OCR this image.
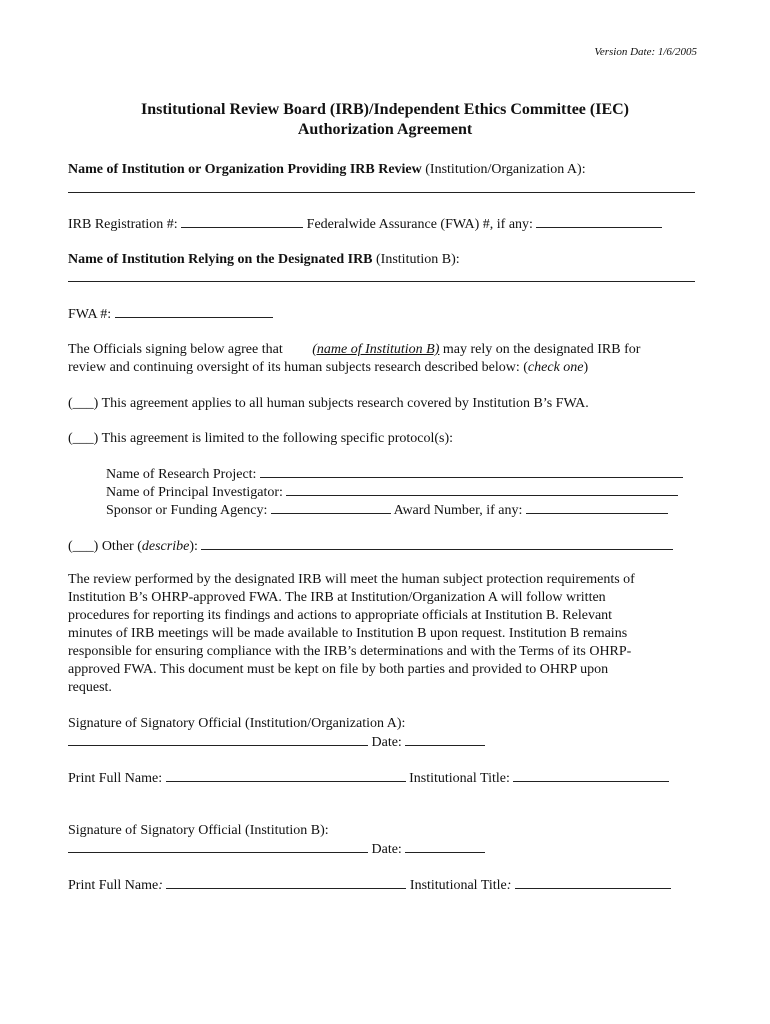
Version Date: 1/6/2005
Institutional Review Board (IRB)/Independent Ethics Committee (IEC)
Authorization Agreement
Name of Institution or Organization Providing IRB Review (Institution/Organization A):
IRB Registration #:	Federalwide Assurance (FWA) #, if any:
Name of Institution Relying on the Designated IRB (Institution B):
FWA #:
The Officials signing below agree that (name of Institution B) may rely on the designated IRB for
review and continuing oversight of its human subjects research described below: (check one)
(___) This agreement applies to all human subjects research covered by Institution B’s FWA.
(___) This agreement is limited to the following specific protocol(s):
Name of Research Project:
Name of Principal Investigator:
Sponsor or Funding Agency:	Award Number, if any:
(___) Other (describe):
The review performed by the designated IRB will meet the human subject protection requirements of
Institution B’s OHRP-approved FWA. The IRB at Institution/Organization A will follow written
procedures for reporting its findings and actions to appropriate officials at Institution B. Relevant
minutes of IRB meetings will be made available to Institution B upon request. Institution B remains
responsible for ensuring compliance with the IRB’s determinations and with the Terms of its OHRP-
approved FWA. This document must be kept on file by both parties and provided to OHRP upon
request.
Signature of Signatory Official (Institution/Organization A):
Date:
Print Full Name:	Institutional Title:
Signature of Signatory Official (Institution B):
Date:
Print Full Name:	Institutional Title:
